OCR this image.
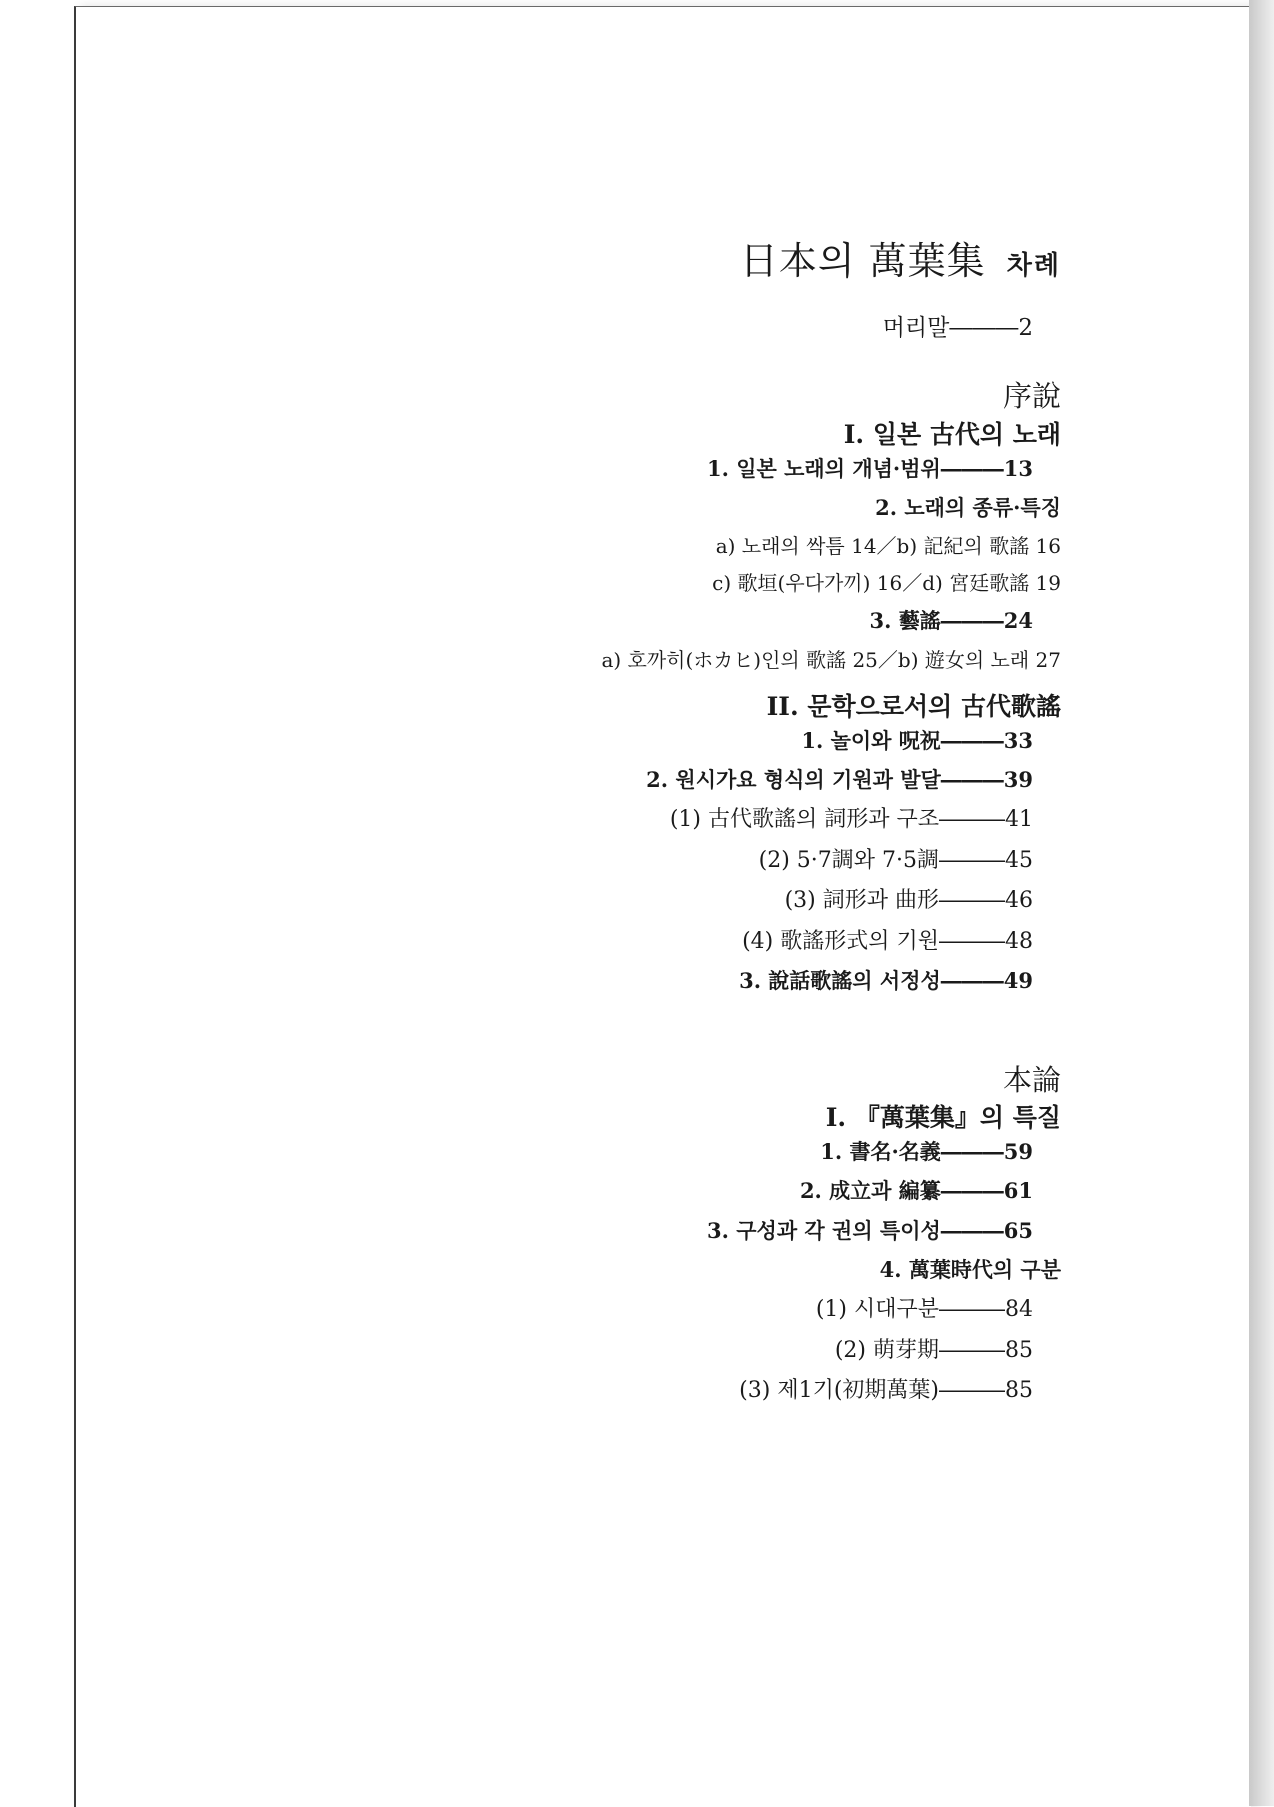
日本의 萬葉集 차례
머리말―――2
序說
I. 일본 古代의 노래
1. 일본 노래의 개념·범위―――13
2. 노래의 종류·특징
a) 노래의 싹틈 14／b) 記紀의 歌謠 16
c) 歌垣(우다가끼) 16／d) 宮廷歌謠 19
3. 藝謠―――24
a) 호까히(ホカヒ)인의 歌謠 25／b) 遊女의 노래 27
II. 문학으로서의 古代歌謠
1. 놀이와 呪祝―――33
2. 원시가요 형식의 기원과 발달―――39
(1) 古代歌謠의 詞形과 구조―――41
(2) 5·7調와 7·5調―――45
(3) 詞形과 曲形―――46
(4) 歌謠形式의 기원―――48
3. 說話歌謠의 서정성―――49
本論
I. 『萬葉集』의 특질
1. 書名·名義―――59
2. 成立과 編纂―――61
3. 구성과 각 권의 특이성―――65
4. 萬葉時代의 구분
(1) 시대구분―――84
(2) 萌芽期―――85
(3) 제1기(初期萬葉)―――85
